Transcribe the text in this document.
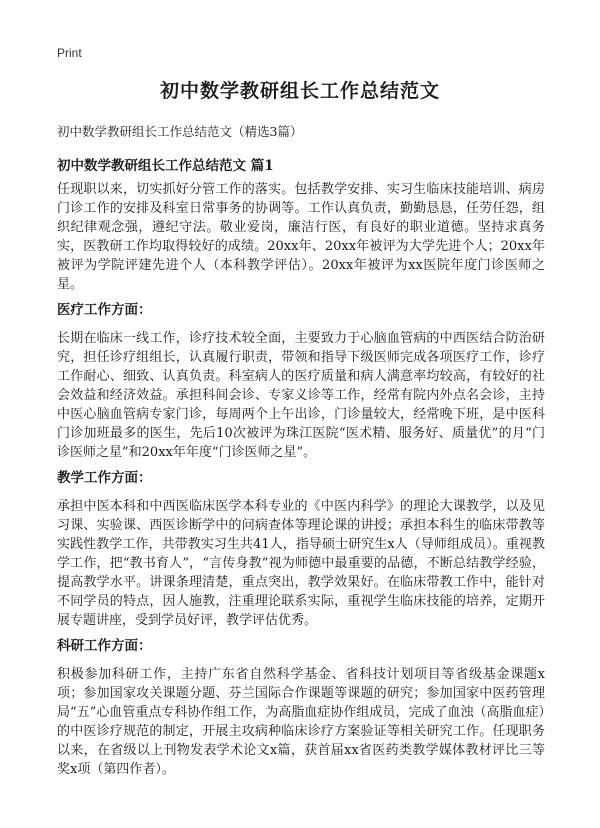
Print
初中数学教研组长工作总结范文

初中数学教研组长工作总结范文（精选3篇）

初中数学教研组长工作总结范文 篇1

任现职以来，切实抓好分管工作的落实。包括教学安排、实习生临床技能培训、病房门诊工作的安排及科室日常事务的协调等。工作认真负责，勤勤恳恳，任劳任怨，组织纪律观念强，遵纪守法。敬业爱岗，廉洁行医，有良好的职业道德。坚持求真务实，医教研工作均取得较好的成绩。20xx年、20xx年被评为大学先进个人；20xx年被评为学院评建先进个人（本科教学评估）。20xx年被评为xx医院年度门诊医师之星。

医疗工作方面：

长期在临床一线工作，诊疗技术较全面，主要致力于心脑血管病的中西医结合防治研究，担任诊疗组组长，认真履行职责，带领和指导下级医师完成各项医疗工作，诊疗工作耐心、细致、认真负责。科室病人的医疗质量和病人满意率均较高，有较好的社会效益和经济效益。承担科间会诊、专家义诊等工作，经常有院内外点名会诊，主持中医心脑血管病专家门诊，每周两个上午出诊，门诊量较大，经常晚下班，是中医科门诊加班最多的医生，先后10次被评为珠江医院“医术精、服务好、质量优”的月“门诊医师之星”和20xx年年度“门诊医师之星”。

教学工作方面：

承担中医本科和中西医临床医学本科专业的《中医内科学》的理论大课教学，以及见习课、实验课、西医诊断学中的问病查体等理论课的讲授；承担本科生的临床带教等实践性教学工作，共带教实习生共41人，指导硕士研究生x人（导师组成员）。重视教学工作，把“教书育人”，“言传身教”视为师德中最重要的品德，不断总结教学经验，提高教学水平。讲课条理清楚，重点突出，教学效果好。在临床带教工作中，能针对不同学员的特点，因人施教，注重理论联系实际，重视学生临床技能的培养，定期开展专题讲座，受到学员好评，教学评估优秀。

科研工作方面：

积极参加科研工作，主持广东省自然科学基金、省科技计划项目等省级基金课题x项；参加国家攻关课题分题、芬兰国际合作课题等课题的研究；参加国家中医药管理局“五”心血管重点专科协作组工作，为高脂血症协作组成员，完成了血浊（高脂血症）的中医诊疗规范的制定，开展主攻病种临床诊疗方案验证等相关研究工作。任现职务以来，在省级以上刊物发表学术论文x篇，获首届xx省医药类教学媒体教材评比三等奖x项（第四作者）。
